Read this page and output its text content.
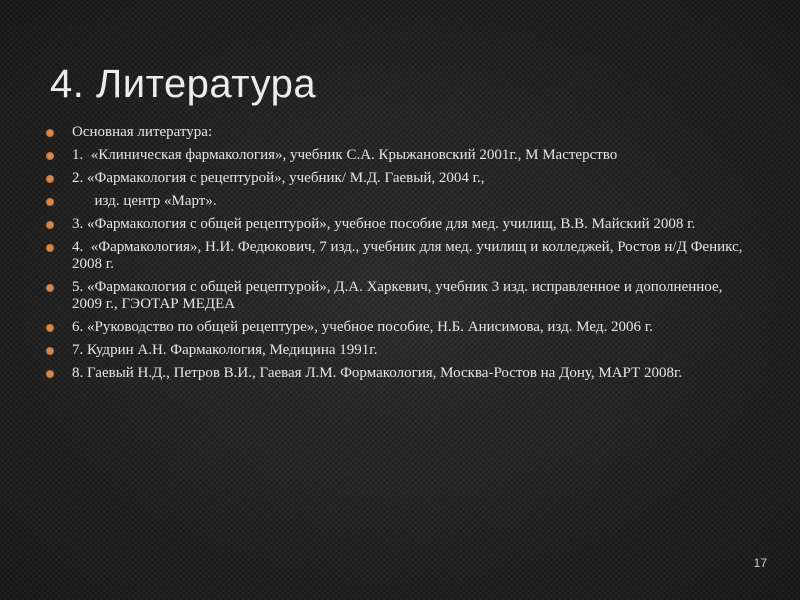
4. Литература
Основная литература:
1.  «Клиническая фармакология», учебник С.А. Крыжановский 2001г., М Мастерство
2. «Фармакология с рецептурой», учебник/ М.Д. Гаевый, 2004 г.,
изд. центр «Март».
3. «Фармакология с общей рецептурой», учебное пособие для мед. училищ, В.В. Майский 2008 г.
4.  «Фармакология», Н.И. Федюкович, 7 изд., учебник для мед. училищ и колледжей, Ростов н/Д Феникс,  2008 г.
5. «Фармакология с общей рецептурой», Д.А. Харкевич, учебник 3 изд. исправленное и дополненное, 2009 г., ГЭОТАР МЕДЕА
6. «Руководство по общей рецептуре», учебное пособие, Н.Б. Анисимова, изд. Мед. 2006 г.
7. Кудрин А.Н. Фармакология, Медицина 1991г.
8. Гаевый Н.Д., Петров В.И., Гаевая Л.М. Формакология, Москва-Ростов на Дону, МАРТ 2008г.
17
